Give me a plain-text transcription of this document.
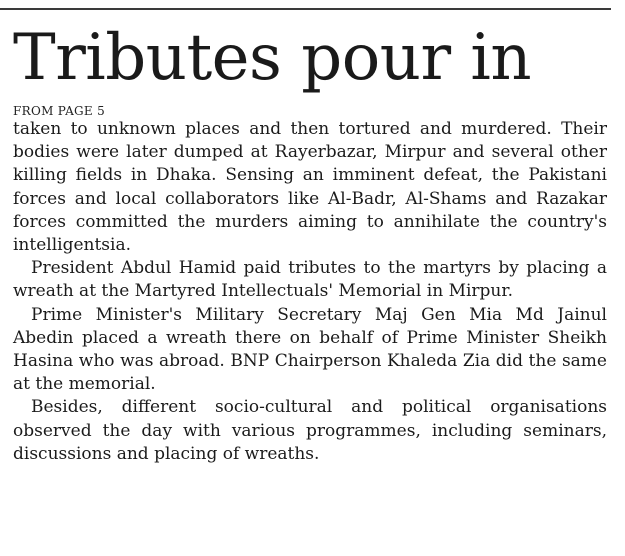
Tributes pour in
FROM PAGE 5

taken to unknown places and then tortured and murdered. Their bodies were later dumped at Rayerbazar, Mirpur and several other killing fields in Dhaka. Sensing an imminent defeat, the Pakistani forces and local collaborators like Al-Badr, Al-Shams and Razakar forces committed the murders aiming to annihilate the country's intelligentsia.

President Abdul Hamid paid tributes to the martyrs by placing a wreath at the Martyred Intellectuals' Memorial in Mirpur.

Prime Minister's Military Secretary Maj Gen Mia Md Jainul Abedin placed a wreath there on behalf of Prime Minister Sheikh Hasina who was abroad. BNP Chairperson Khaleda Zia did the same at the memorial.

Besides, different socio-cultural and political organisations observed the day with various programmes, including seminars, discussions and placing of wreaths.
